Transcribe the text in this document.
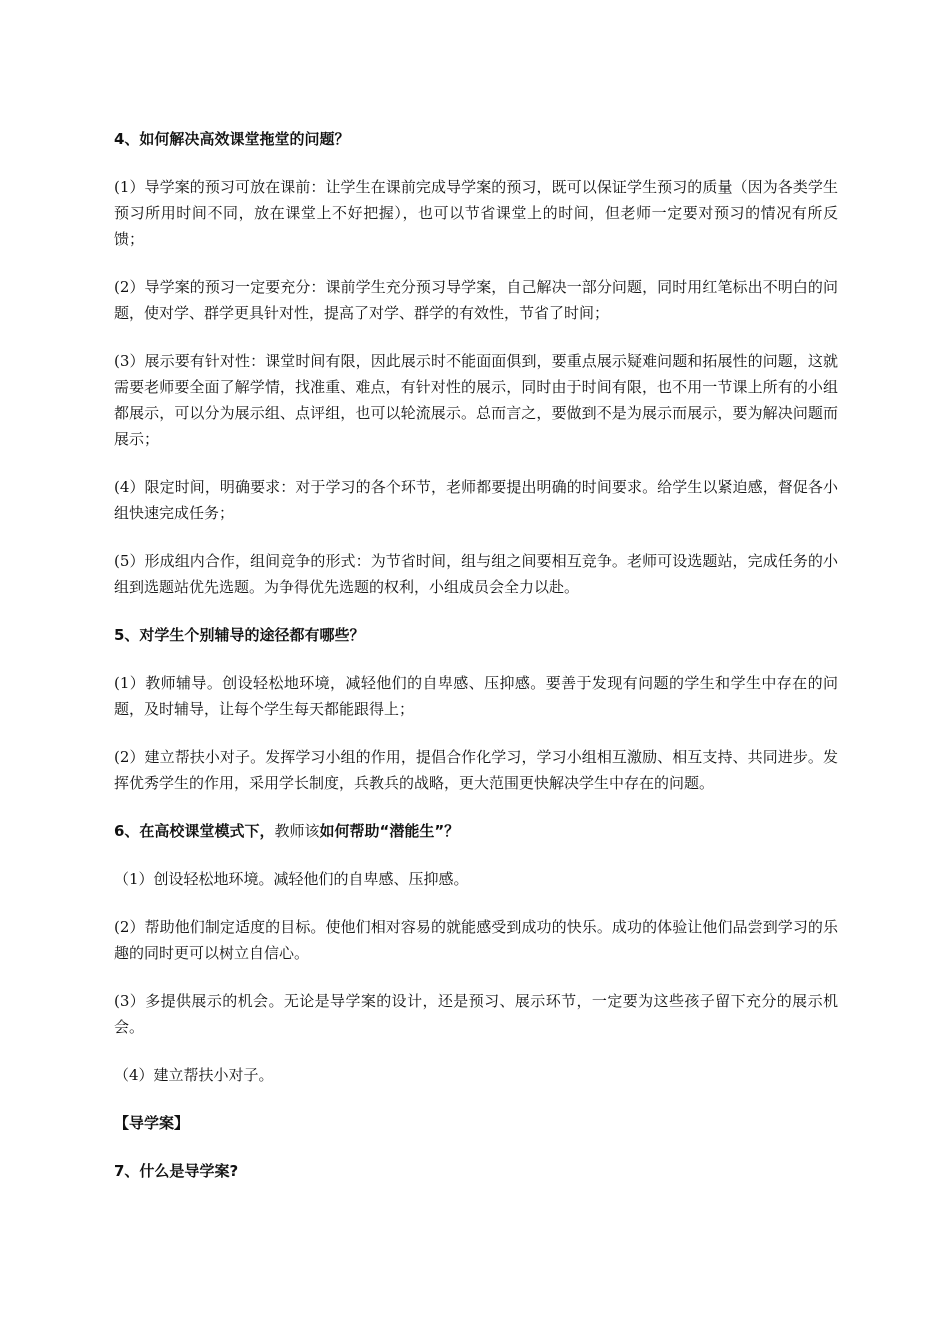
4、如何解决高效课堂拖堂的问题？
(1）导学案的预习可放在课前：让学生在课前完成导学案的预习，既可以保证学生预习的质量（因为各类学生预习所用时间不同，放在课堂上不好把握），也可以节省课堂上的时间，但老师一定要对预习的情况有所反馈；
(2）导学案的预习一定要充分：课前学生充分预习导学案，自己解决一部分问题，同时用红笔标出不明白的问题，使对学、群学更具针对性，提高了对学、群学的有效性，节省了时间；
(3）展示要有针对性：课堂时间有限，因此展示时不能面面俱到，要重点展示疑难问题和拓展性的问题，这就需要老师要全面了解学情，找准重、难点，有针对性的展示，同时由于时间有限，也不用一节课上所有的小组都展示，可以分为展示组、点评组，也可以轮流展示。总而言之，要做到不是为展示而展示，要为解决问题而展示；
(4）限定时间，明确要求：对于学习的各个环节，老师都要提出明确的时间要求。给学生以紧迫感，督促各小组快速完成任务；
(5）形成组内合作，组间竞争的形式：为节省时间，组与组之间要相互竞争。老师可设选题站，完成任务的小组到选题站优先选题。为争得优先选题的权利，小组成员会全力以赴。
5、对学生个别辅导的途径都有哪些？
(1）教师辅导。创设轻松地环境，减轻他们的自卑感、压抑感。要善于发现有问题的学生和学生中存在的问题，及时辅导，让每个学生每天都能跟得上；
(2）建立帮扶小对子。发挥学习小组的作用，提倡合作化学习，学习小组相互激励、相互支持、共同进步。发挥优秀学生的作用，采用学长制度，兵教兵的战略，更大范围更快解决学生中存在的问题。
6、在高校课堂模式下，教师该如何帮助“潜能生”？
（1）创设轻松地环境。减轻他们的自卑感、压抑感。
(2）帮助他们制定适度的目标。使他们相对容易的就能感受到成功的快乐。成功的体验让他们品尝到学习的乐趣的同时更可以树立自信心。
(3）多提供展示的机会。无论是导学案的设计，还是预习、展示环节，一定要为这些孩子留下充分的展示机会。
（4）建立帮扶小对子。
【导学案】
7、什么是导学案?
